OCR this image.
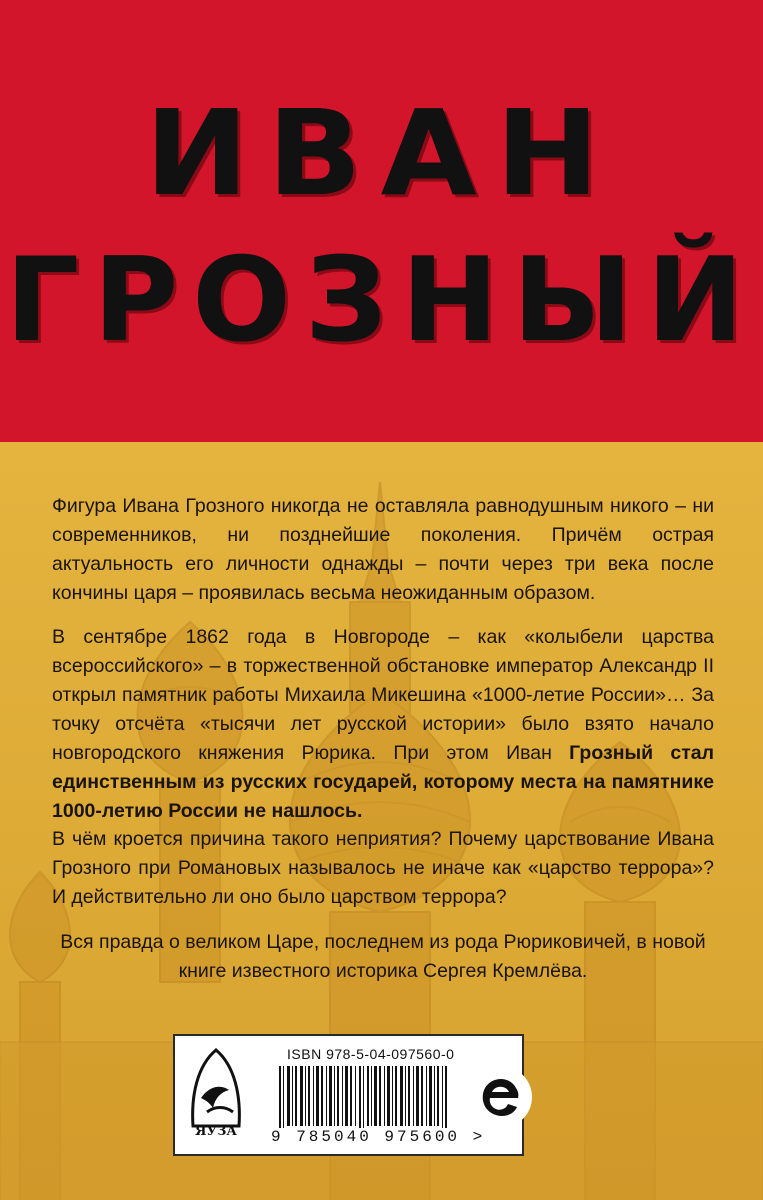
ИВАН
ГРОЗНЫЙ
Фигура Ивана Грозного никогда не оставляла равнодушным никого – ни современников, ни позднейшие поколения. Причём острая актуальность его личности однажды – почти через три века после кончины царя – проявилась весьма неожиданным образом.
В сентябре 1862 года в Новгороде – как «колыбели царства всероссийского» – в торжественной обстановке император Александр II открыл памятник работы Михаила Микешина «1000-летие России»… За точку отсчёта «тысячи лет русской истории» было взято начало новгородского княжения Рюрика. При этом Иван Грозный стал единственным из русских государей, которому места на памятнике 1000-летию России не нашлось.
В чём кроется причина такого неприятия? Почему царствование Ивана Грозного при Романовых называлось не иначе как «царство террора»? И действительно ли оно было царством террора?
Вся правда о великом Царе, последнем из рода Рюриковичей, в новой книге известного историка Сергея Кремлёва.
ЯУЗА
ISBN 978-5-04-097560-0
9 785040 975600 >
